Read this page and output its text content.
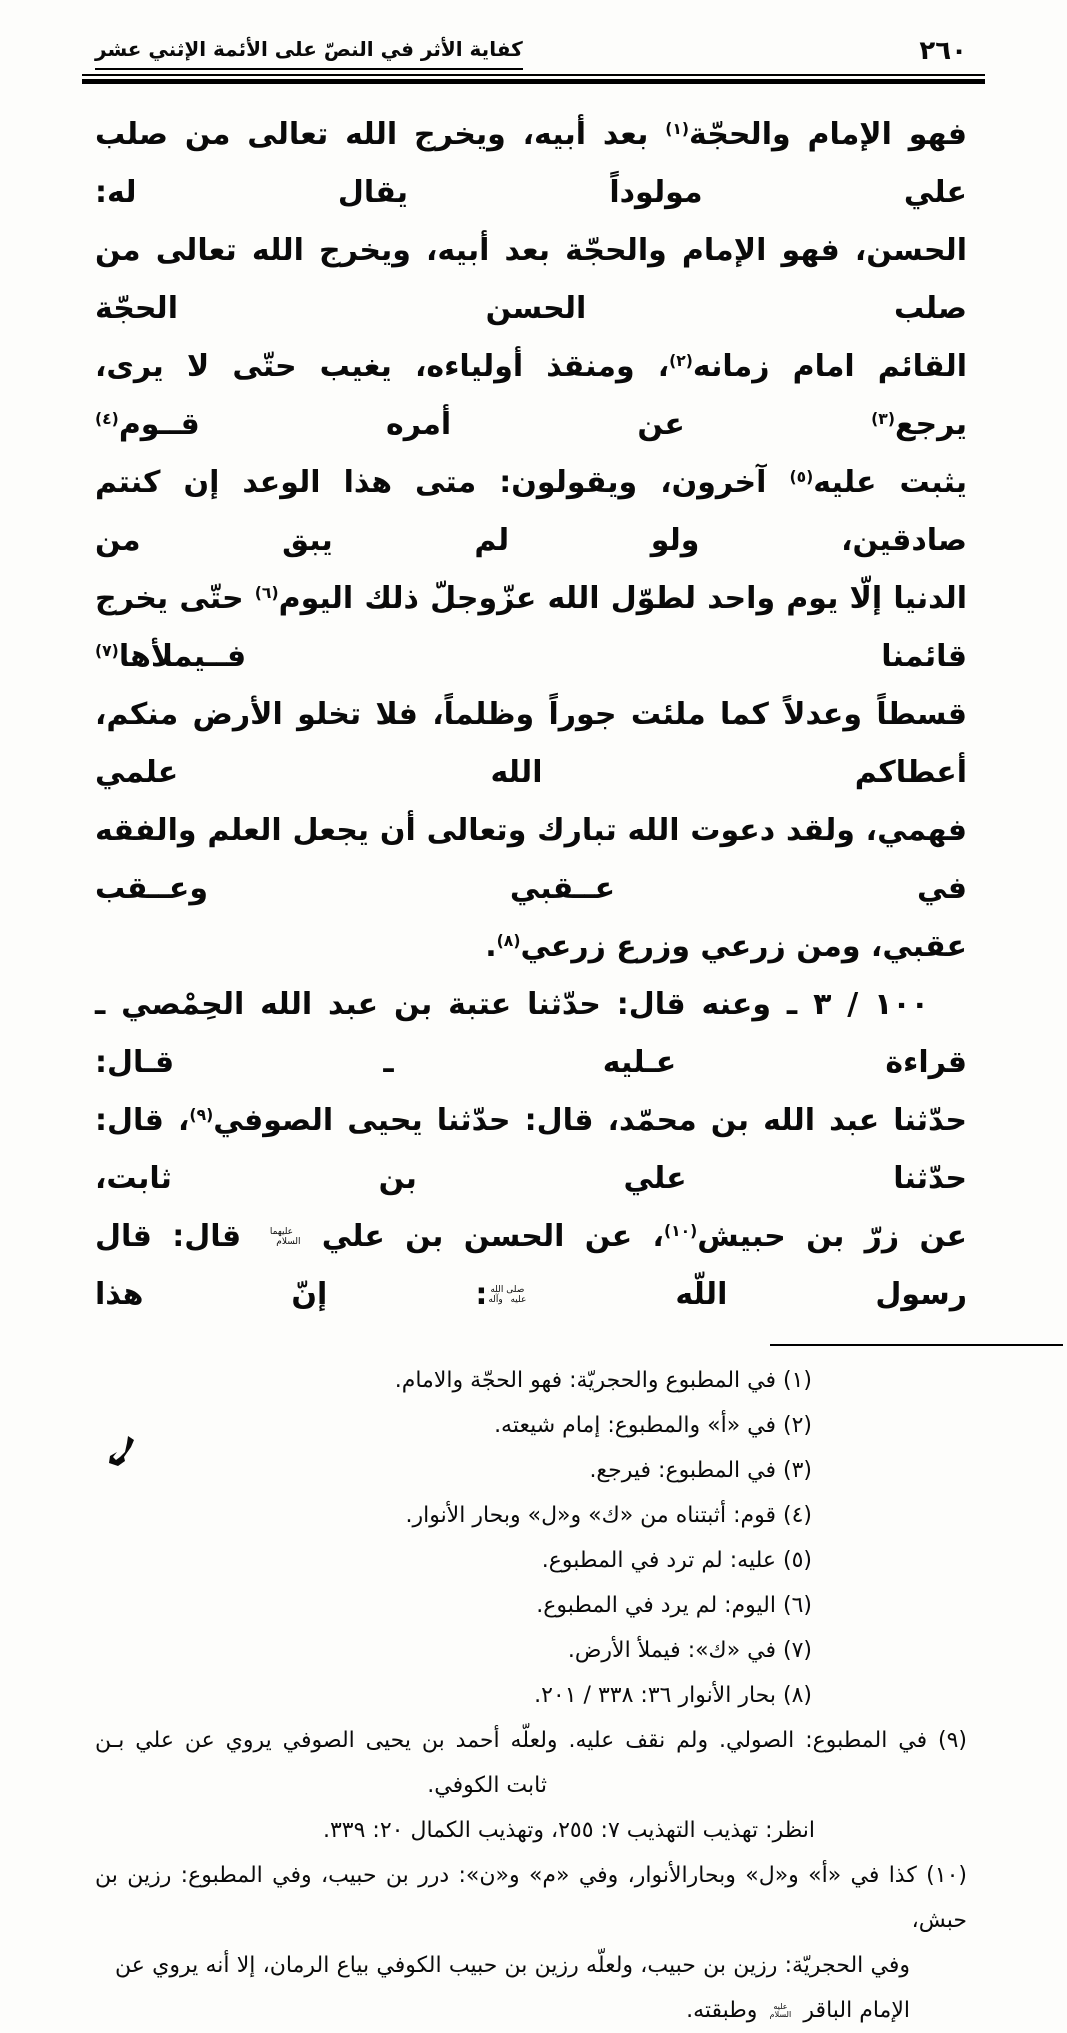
كفاية الأثر في النصّ على الأئمة الإثني عشر	٢٦٠
فهو الإمام والحجّة$^{(١)}$ بعد أبيه، ويخرج الله تعالى من صلب علي مولوداً يقال له:
الحسن، فهو الإمام والحجّة بعد أبيه، ويخرج الله تعالى من صلب الحسن الحجّة
القائم امام زمانه$^{(٢)}$، ومنقذ أولياءه، يغيب حتّى لا يرى، يرجع$^{(٣)}$ عن أمره قــوم$^{(٤)}$
يثبت عليه$^{(٥)}$ آخرون، ويقولون: متى هذا الوعد إن كنتم صادقين، ولو لم يبق من
الدنيا إلّا يوم واحد لطوّل الله عزّوجلّ ذلك اليوم$^{(٦)}$ حتّى يخرج قائمنا فــيملأها$^{(٧)}$
قسطاً وعدلاً كما ملئت جوراً وظلماً، فلا تخلو الأرض منكم، أعطاكم الله علمي
فهمي، ولقد دعوت الله تبارك وتعالى أن يجعل العلم والفقه في عــقبي وعــقب
عقبي، ومن زرعي وزرع زرعي$^{(٨)}$.
١٠٠ / ٣ ـ وعنه قال: حدّثنا عتبة بن عبد الله الحِمْصي ـ قراءة عـليه ـ قـال:
حدّثنا عبد الله بن محمّد، قال: حدّثنا يحيى الصوفي$^{(٩)}$، قال: حدّثنا علي بن ثابت،
عن زرّ بن حبيش$^{(١٠)}$، عن الحسن بن علي عليهما السلام قال: قال رسول اللّه صلى الله عليه وآله: إنّ هذا
(١) في المطبوع والحجريّة: فهو الحجّة والامام.
(٢) في «أ» والمطبوع: إمام شيعته.
(٣) في المطبوع: فيرجع.
(٤) قوم: أثبتناه من «ك» و«ل» وبحار الأنوار.
(٥) عليه: لم ترد في المطبوع.
(٦) اليوم: لم يرد في المطبوع.
(٧) في «ك»: فيملأ الأرض.
(٨) بحار الأنوار ٣٦: ٣٣٨ / ٢٠١.
(٩) في المطبوع: الصولي. ولم نقف عليه. ولعلّه أحمد بن يحيى الصوفي يروي عن علي بـن
ثابت الكوفي.
انظر: تهذيب التهذيب ٧: ٢٥٥، وتهذيب الكمال ٢٠: ٣٣٩.
(١٠) كذا في «أ» و«ل» وبحارالأنوار، وفي «م» و«ن»: درر بن حبيب، وفي المطبوع: رزين بن حبش،
وفي الحجريّة: رزين بن حبيب، ولعلّه رزين بن حبيب الكوفي بياع الرمان، إلا أنه يروي عن
الإمام الباقر عليه السلام وطبقته.
